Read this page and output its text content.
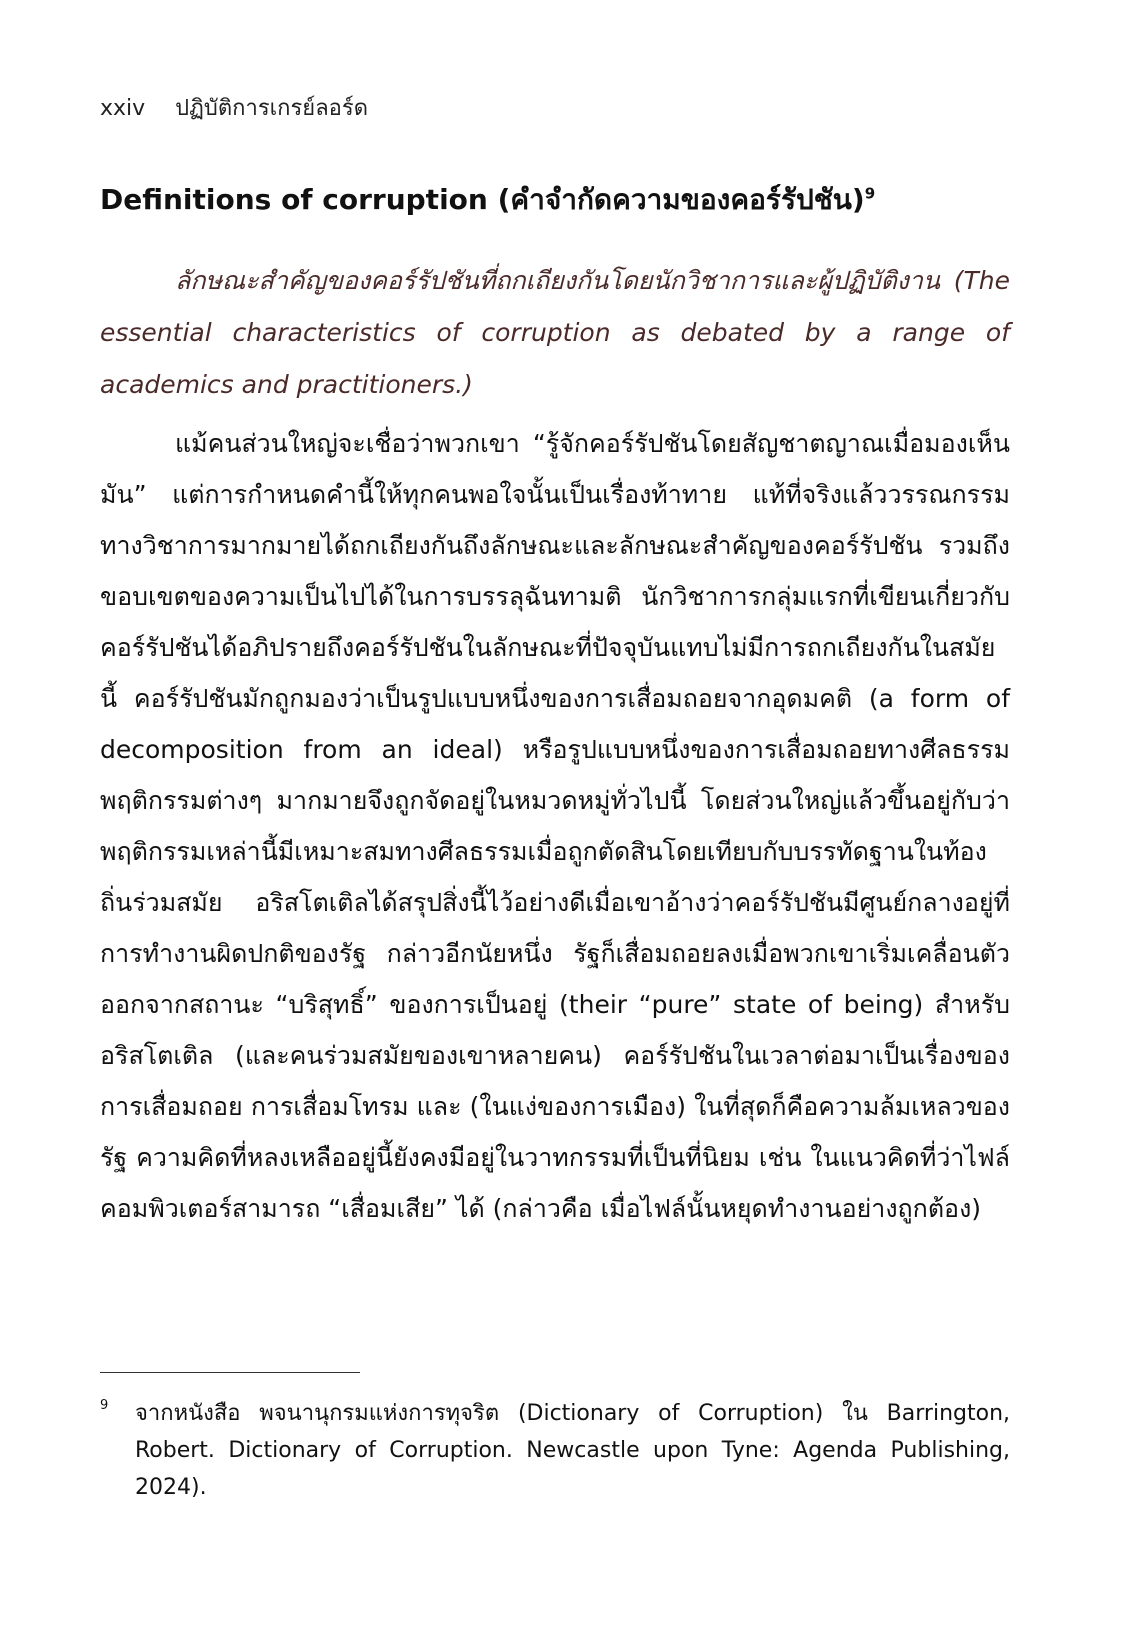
xxiv ปฏิบัติการเกรย์ลอร์ด
Definitions of corruption (คำจำกัดความของคอร์รัปชัน)$^9$

ลักษณะสำคัญของคอร์รัปชันที่ถกเถียงกันโดยนักวิชาการและผู้ปฏิบัติงาน (The essential characteristics of corruption as debated by a range of academics and practitioners.)

แม้คนส่วนใหญ่จะเชื่อว่าพวกเขา “รู้จักคอร์รัปชันโดยสัญชาตญาณเมื่อมองเห็นมัน” แต่การกำหนดคำนี้ให้ทุกคนพอใจนั้นเป็นเรื่องท้าทาย แท้ที่จริงแล้ววรรณกรรมทางวิชาการมากมายได้ถกเถียงกันถึงลักษณะและลักษณะสำคัญของคอร์รัปชัน รวมถึงขอบเขตของความเป็นไปได้ในการบรรลุฉันทามติ นักวิชาการกลุ่มแรกที่เขียนเกี่ยวกับคอร์รัปชันได้อภิปรายถึงคอร์รัปชันในลักษณะที่ปัจจุบันแทบไม่มีการถกเถียงกันในสมัยนี้ คอร์รัปชันมักถูกมองว่าเป็นรูปแบบหนึ่งของการเสื่อมถอยจากอุดมคติ (a form of decomposition from an ideal) หรือรูปแบบหนึ่งของการเสื่อมถอยทางศีลธรรม พฤติกรรมต่างๆ มากมายจึงถูกจัดอยู่ในหมวดหมู่ทั่วไปนี้ โดยส่วนใหญ่แล้วขึ้นอยู่กับว่าพฤติกรรมเหล่านี้มีเหมาะสมทางศีลธรรมเมื่อถูกตัดสินโดยเทียบกับบรรทัดฐานในท้องถิ่นร่วมสมัย อริสโตเติลได้สรุปสิ่งนี้ไว้อย่างดีเมื่อเขาอ้างว่าคอร์รัปชันมีศูนย์กลางอยู่ที่การทำงานผิดปกติของรัฐ กล่าวอีกนัยหนึ่ง รัฐก็เสื่อมถอยลงเมื่อพวกเขาเริ่มเคลื่อนตัวออกจากสถานะ “บริสุทธิ์” ของการเป็นอยู่ (their “pure” state of being) สำหรับอริสโตเติล (และคนร่วมสมัยของเขาหลายคน) คอร์รัปชันในเวลาต่อมาเป็นเรื่องของการเสื่อมถอย การเสื่อมโทรม และ (ในแง่ของการเมือง) ในที่สุดก็คือความล้มเหลวของรัฐ ความคิดที่หลงเหลืออยู่นี้ยังคงมีอยู่ในวาทกรรมที่เป็นที่นิยม เช่น ในแนวคิดที่ว่าไฟล์คอมพิวเตอร์สามารถ “เสื่อมเสีย” ได้ (กล่าวคือ เมื่อไฟล์นั้นหยุดทำงานอย่างถูกต้อง)

9	จากหนังสือ พจนานุกรมแห่งการทุจริต (Dictionary of Corruption) ใน Barrington, Robert. Dictionary of Corruption. Newcastle upon Tyne: Agenda Publishing, 2024).
